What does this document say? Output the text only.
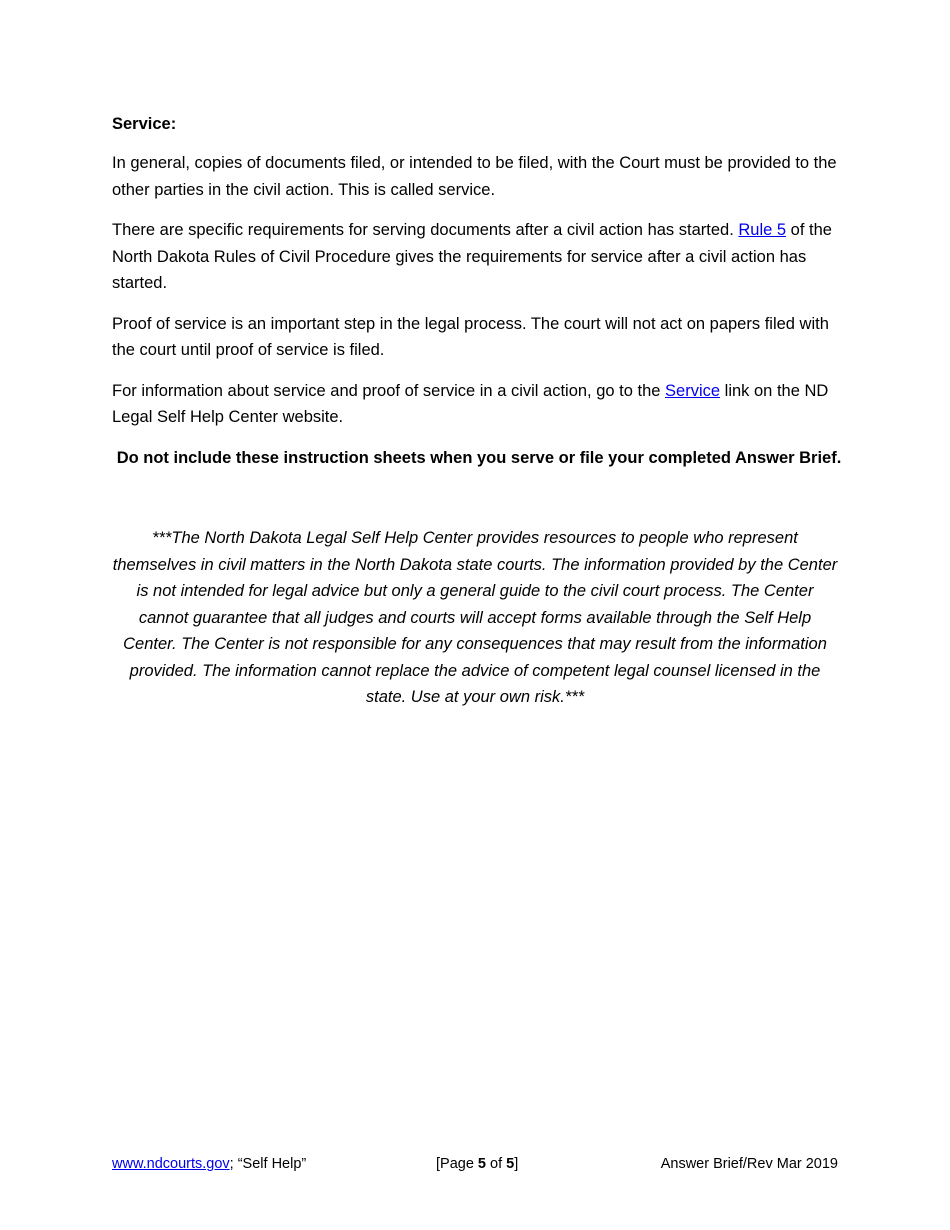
Service:

In general, copies of documents filed, or intended to be filed, with the Court must be provided to the other parties in the civil action. This is called service.

There are specific requirements for serving documents after a civil action has started. Rule 5 of the North Dakota Rules of Civil Procedure gives the requirements for service after a civil action has started.

Proof of service is an important step in the legal process. The court will not act on papers filed with the court until proof of service is filed.

For information about service and proof of service in a civil action, go to the Service link on the ND Legal Self Help Center website.

Do not include these instruction sheets when you serve or file your completed Answer Brief.

***The North Dakota Legal Self Help Center provides resources to people who represent themselves in civil matters in the North Dakota state courts. The information provided by the Center is not intended for legal advice but only a general guide to the civil court process. The Center cannot guarantee that all judges and courts will accept forms available through the Self Help Center. The Center is not responsible for any consequences that may result from the information provided. The information cannot replace the advice of competent legal counsel licensed in the state. Use at your own risk.***

www.ndcourts.gov; “Self Help”	[Page 5 of 5]	Answer Brief/Rev Mar 2019
